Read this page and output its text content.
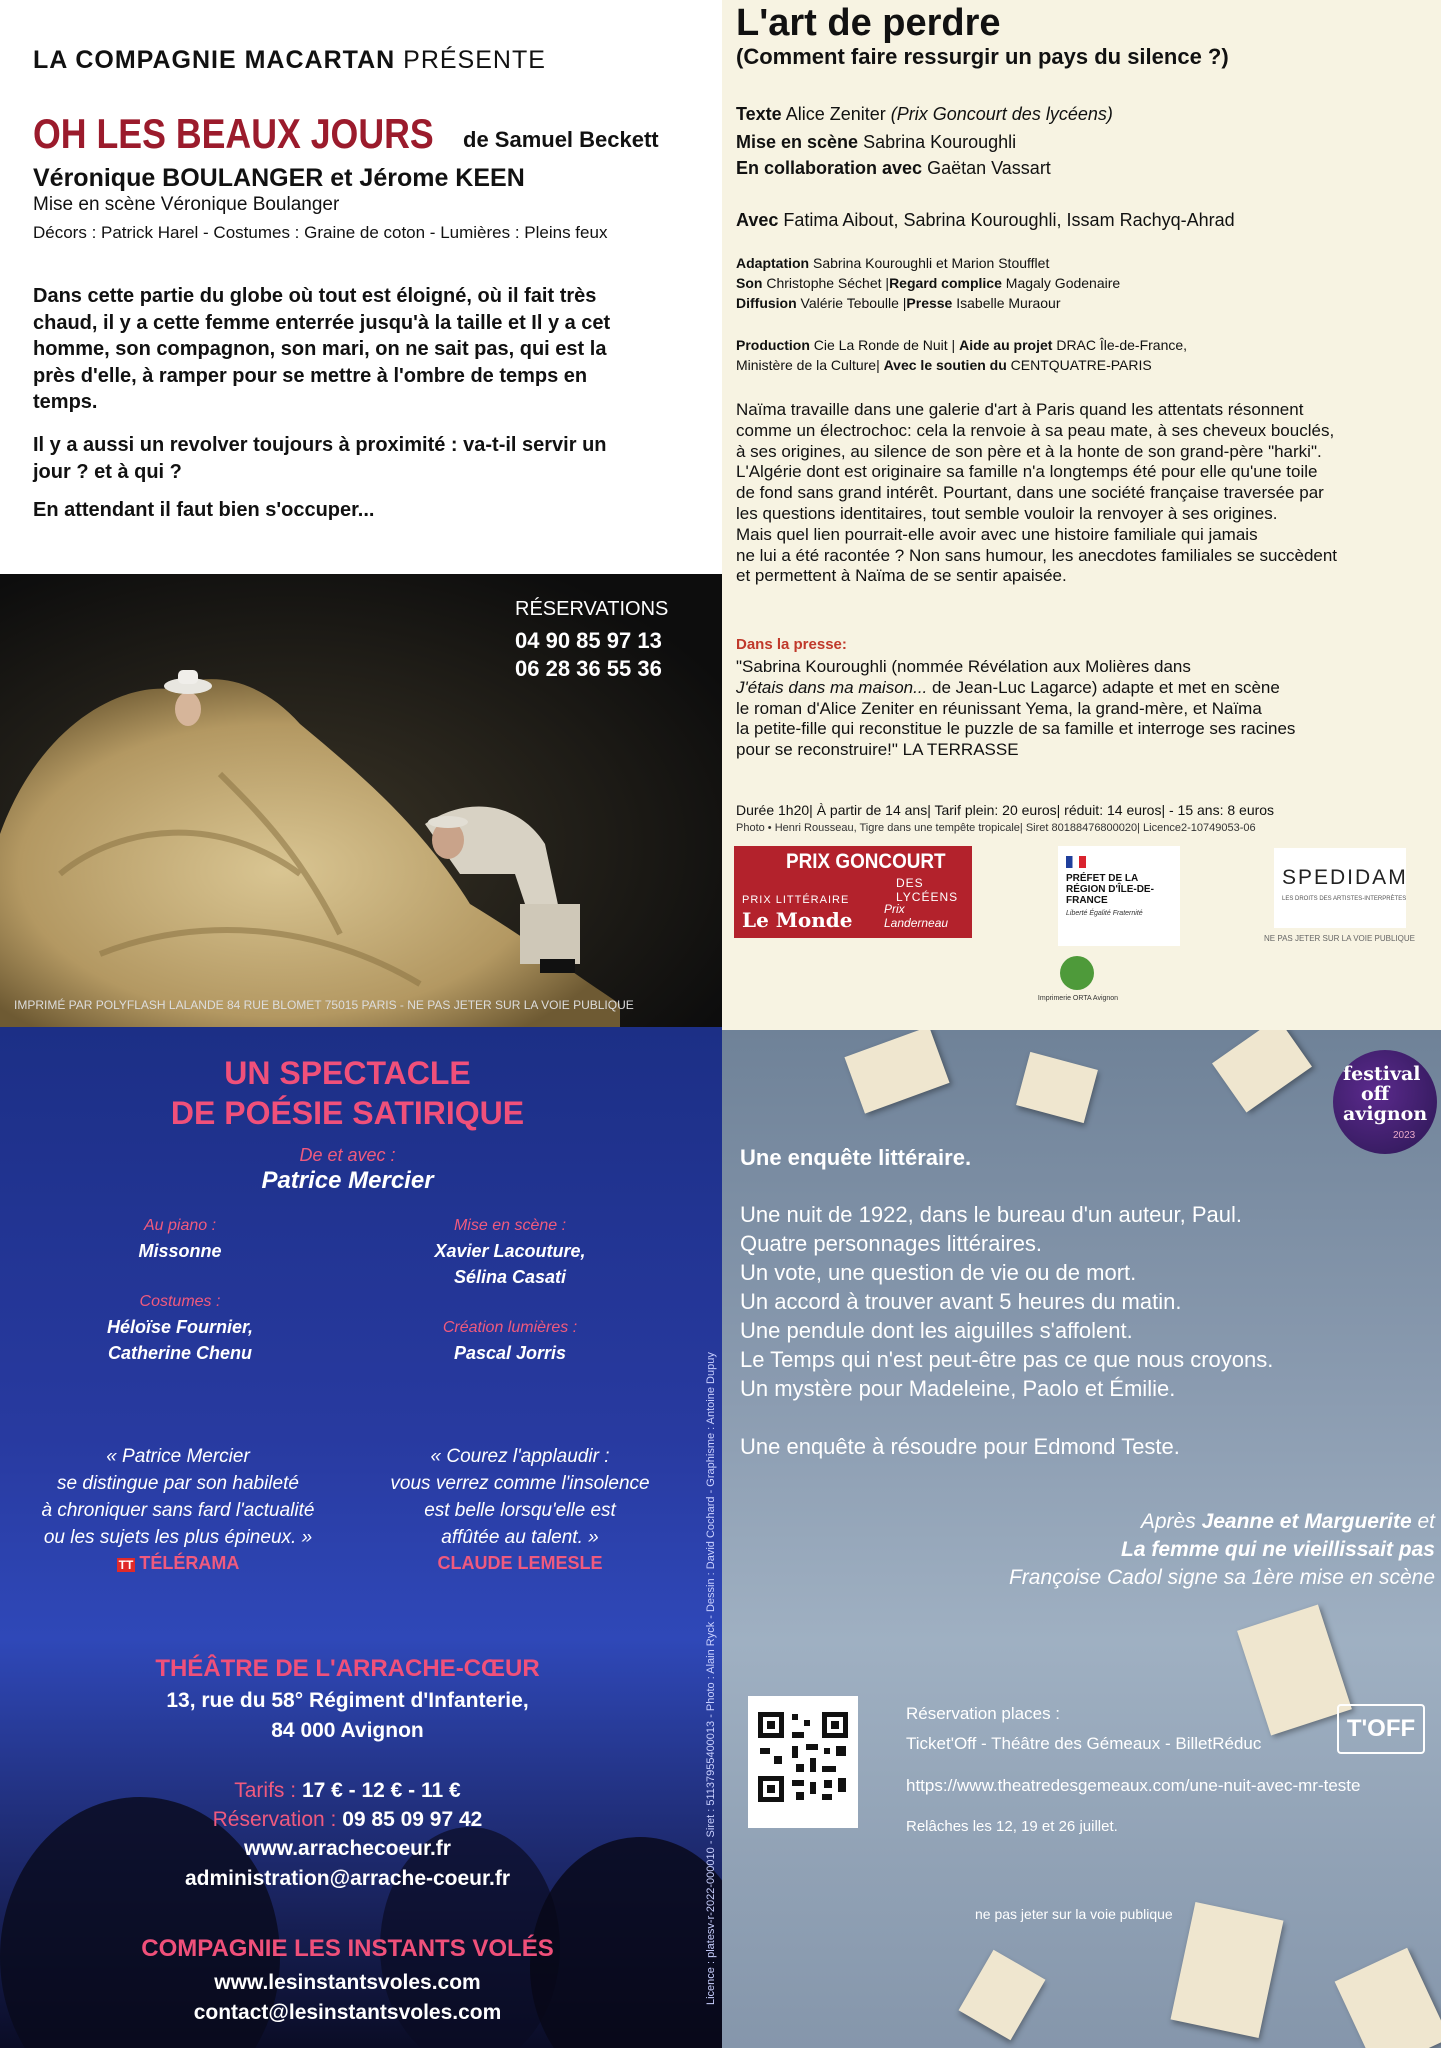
LA COMPAGNIE MACARTAN PRÉSENTE
OH LES BEAUX JOURS de Samuel Beckett
Véronique BOULANGER et Jérome KEEN
Mise en scène Véronique Boulanger
Décors : Patrick Harel - Costumes : Graine de coton - Lumières : Pleins feux
Dans cette partie du globe où tout est éloigné, où il fait très
chaud, il y a cette femme enterrée jusqu'à la taille et Il y a cet
homme, son compagnon, son mari, on ne sait pas, qui est la
près d'elle, à ramper pour se mettre à l'ombre de temps en
temps.
Il y a aussi un revolver toujours à proximité : va-t-il servir un
jour ? et à qui ?
En attendant il faut bien s'occuper...
RÉSERVATIONS
04 90 85 97 13
06 28 36 55 36
IMPRIMÉ PAR POLYFLASH LALANDE 84 RUE BLOMET 75015 PARIS - NE PAS JETER SUR LA VOIE PUBLIQUE
L'art de perdre
(Comment faire ressurgir un pays du silence ?)
Texte Alice Zeniter (Prix Goncourt des lycéens)
Mise en scène Sabrina Kouroughli
En collaboration avec Gaëtan Vassart
Avec Fatima Aibout, Sabrina Kouroughli, Issam Rachyq-Ahrad
Adaptation Sabrina Kouroughli et Marion Stoufflet
Son Christophe Séchet |Regard complice Magaly Godenaire
Diffusion Valérie Teboulle |Presse Isabelle Muraour
Production Cie La Ronde de Nuit | Aide au projet DRAC Île-de-France,
Ministère de la Culture| Avec le soutien du CENTQUATRE-PARIS
Naïma travaille dans une galerie d'art à Paris quand les attentats résonnent
comme un électrochoc: cela la renvoie à sa peau mate, à ses cheveux bouclés,
à ses origines, au silence de son père et à la honte de son grand-père "harki".
L'Algérie dont est originaire sa famille n'a longtemps été pour elle qu'une toile
de fond sans grand intérêt. Pourtant, dans une société française traversée par
les questions identitaires, tout semble vouloir la renvoyer à ses origines.
Mais quel lien pourrait-elle avoir avec une histoire familiale qui jamais
ne lui a été racontée ? Non sans humour, les anecdotes familiales se succèdent
et permettent à Naïma de se sentir apaisée.
Dans la presse:
"Sabrina Kouroughli (nommée Révélation aux Molières dans
J'étais dans ma maison... de Jean-Luc Lagarce) adapte et met en scène
le roman d'Alice Zeniter en réunissant Yema, la grand-mère, et Naïma
la petite-fille qui reconstitue le puzzle de sa famille et interroge ses racines
pour se reconstruire!" LA TERRASSE
Durée 1h20| À partir de 14 ans| Tarif plein: 20 euros| réduit: 14 euros| - 15 ans: 8 euros
Photo • Henri Rousseau, Tigre dans une tempête tropicale| Siret 80188476800020| Licence2-10749053-06
PRIX GONCOURT
DES LYCÉENS
PRIX LITTÉRAIRE
Le Monde	Prix Landerneau
PRÉFET DE LA RÉGION D'ÎLE-DE-FRANCE
Liberté Égalité Fraternité
SPEDIDAM
LES DROITS DES ARTISTES-INTERPRÈTES
NE PAS JETER SUR LA VOIE PUBLIQUE
Imprimerie ORTA Avignon
UN SPECTACLE
DE POÉSIE SATIRIQUE
De et avec :
Patrice Mercier
Au piano :
Missonne
Mise en scène :
Xavier Lacouture,
Sélina Casati
Costumes :
Héloïse Fournier,
Catherine Chenu
Création lumières :
Pascal Jorris
« Patrice Mercier
se distingue par son habileté
à chroniquer sans fard l'actualité
ou les sujets les plus épineux. »
TT TÉLÉRAMA
« Courez l'applaudir :
vous verrez comme l'insolence
est belle lorsqu'elle est
affûtée au talent. »
CLAUDE LEMESLE
THÉÂTRE DE L'ARRACHE-CŒUR
13, rue du 58° Régiment d'Infanterie,
84 000 Avignon
Tarifs : 17 € - 12 € - 11 €
Réservation : 09 85 09 97 42
www.arrachecoeur.fr
administration@arrache-coeur.fr
COMPAGNIE LES INSTANTS VOLÉS
www.lesinstantsvoles.com
contact@lesinstantsvoles.com
Licence : platesv-r-2022-000010 - Siret : 51137955400013 - Photo : Alain Ryck - Dessin : David Cochard - Graphisme : Antoine Dupuy
festival
off
avignon
2023
Une enquête littéraire.
Une nuit de 1922, dans le bureau d'un auteur, Paul.
Quatre personnages littéraires.
Un vote, une question de vie ou de mort.
Un accord à trouver avant 5 heures du matin.
Une pendule dont les aiguilles s'affolent.
Le Temps qui n'est peut-être pas ce que nous croyons.
Un mystère pour Madeleine, Paolo et Émilie.
Une enquête à résoudre pour Edmond Teste.
Après Jeanne et Marguerite et
La femme qui ne vieillissait pas
Françoise Cadol signe sa 1ère mise en scène
Réservation places :
Ticket'Off - Théâtre des Gémeaux - BilletRéduc
https://www.theatredesgemeaux.com/une-nuit-avec-mr-teste
Relâches les 12, 19 et 26 juillet.
T'OFF
ne pas jeter sur la voie publique
